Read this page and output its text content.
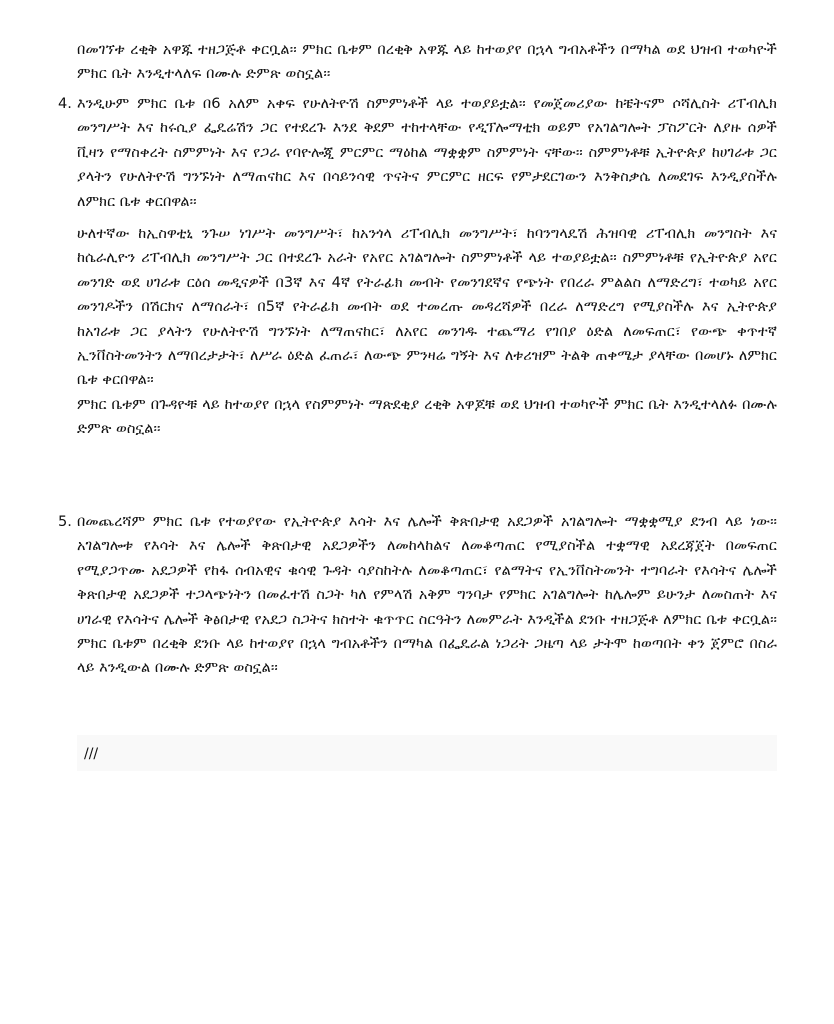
በመገኘቱ ረቂቅ አዋጁ ተዘጋጅቶ ቀርቧል፡፡ ምክር ቤቱም በረቂቅ አዋጁ ላይ ከተወያየ በኋላ ግብአቶችን በማካል ወደ ህዝብ ተወካዮች ምክር ቤት እንዲተላለፍ በሙሉ ድምጽ ወስኗል፡፡

4. እንዲሁም ምክር ቤቱ በ6 አለም አቀፍ የሁለትዮሽ ስምምነቶች ላይ ተወያይቷል፡፡ የመጀመሪያው ከቼትናም ሶሻሊስት ሪፐብሊክ መንግሥት እና ከሩሲያ ፌዴሬሽን ጋር የተደረጉ እንደ ቅደም ተከተላቸው የዲፕሎማቲክ ወይም የአገልግሎት ፓስፖርት ለያዙ ሰዎች ቪዛን የማስቀረት ስምምነት እና የጋራ የባዮሎጂ ምርምር ማዕከል ማቋቋም ስምምነት ናቸው፡፡ ስምምነቶቹ ኢትዮጵያ ከሀገራቱ ጋር ያላትን የሁለትዮሽ ግንኙነት ለማጠናከር እና በሳይንሳዊ ጥናትና ምርምር ዘርፍ የምታደርገውን እንቅስቃሴ ለመደገፍ እንዲያስችሉ ለምክር ቤቱ ቀርበዋል፡፡

ሁለተኛው ከኢስዋቲኒ ንጉሠ ነገሥት መንግሥት፣ ከአንጎላ ሪፐብሊክ መንግሥት፣ ከባንግላዴሽ ሕዝባዊ ሪፐብሊክ መንግስት እና ከሴራሊዮን ሪፐብሊክ መንግሥት ጋር በተደረጉ አራት የአየር አገልግሎት ስምምነቶች ላይ ተወያይቷል፡፡ ስምምነቶቹ የኢትዮጵያ አየር መንገድ ወደ ሀገራቱ ርዕሰ መዲናዎች በ3ኛ እና 4ኛ የትራፊክ መብት የመንገደኛና የጭነት የበረራ ምልልስ ለማድረግ፣ ተወካይ አየር መንገዶችን በሽርክና ለማሰራት፣ በ5ኛ የትራፊክ መብት ወደ ተመረጡ መዳረሻዎች በረራ ለማድረግ የሚያስችሉ እና ኢትዮጵያ ከአገራቱ ጋር ያላትን የሁለትዮሽ ግንኙነት ለማጠናከር፣ ለአየር መንገዱ ተጨማሪ የገበያ ዕድል ለመፍጠር፣ የውጭ ቀጥተኛ ኢንቨስትመንትን ለማበረታታት፣ ለሥራ ዕድል ፈጠራ፣ ለውጭ ምንዛሬ ግኝት እና ለቱሪዝም ትልቅ ጠቀሜታ ያላቸው በመሆኑ ለምክር ቤቱ ቀርበዋል፡፡

ምክር ቤቱም በጉዳዮቹ ላይ ከተወያየ በኋላ የስምምነት ማጽደቂያ ረቂቅ አዋጆቹ ወደ ህዝብ ተወካዮች ምክር ቤት እንዲተላለፉ በሙሉ ድምጽ ወስኗል፡፡

5. በመጨረሻም ምክር ቤቱ የተወያየው የኢትዮጵያ እሳት እና ሌሎች ቅጽበታዊ አደጋዎች አገልግሎት ማቋቋሚያ ደንብ ላይ ነው፡፡ አገልግሎቱ የእሳት እና ሌሎች ቅጽበታዊ አደጋዎችን ለመከላከልና ለመቆጣጠር የሚያስችል ተቋማዊ አደረጃጀት በመፍጠር የሚያጋጥሙ አደጋዎች የከፋ ሰብአዊና ቁሳዊ ጉዳት ሳያስከትሉ ለመቆጣጠር፣ የልማትና የኢንቨስትመንት ተግባራት የእሳትና ሌሎች ቅጽበታዊ አደጋዎች ተጋላጭነትን በመፈተሽ ስጋት ካለ የምላሽ አቅም ግንባታ የምክር አገልግሎት ከሌሎም ይሁንታ ለመስጠት እና ሀገራዊ የእሳትና ሌሎች ቅፅበታዊ የአደጋ ስጋትና ክስተት ቁጥጥር ስርዓትን ለመምራት እንዲችል ደንቡ ተዘጋጅቶ ለምክር ቤቱ ቀርቧል፡፡ ምክር ቤቱም በረቂቅ ደንቡ ላይ ከተወያየ በኋላ ግብአቶችን በማካል በፌዴራል ነጋሪት ጋዜጣ ላይ ታትሞ ከወጣበት ቀን ጀምሮ በስራ ላይ እንዲውል በሙሉ ድምጽ ወስኗል፡፡

///
